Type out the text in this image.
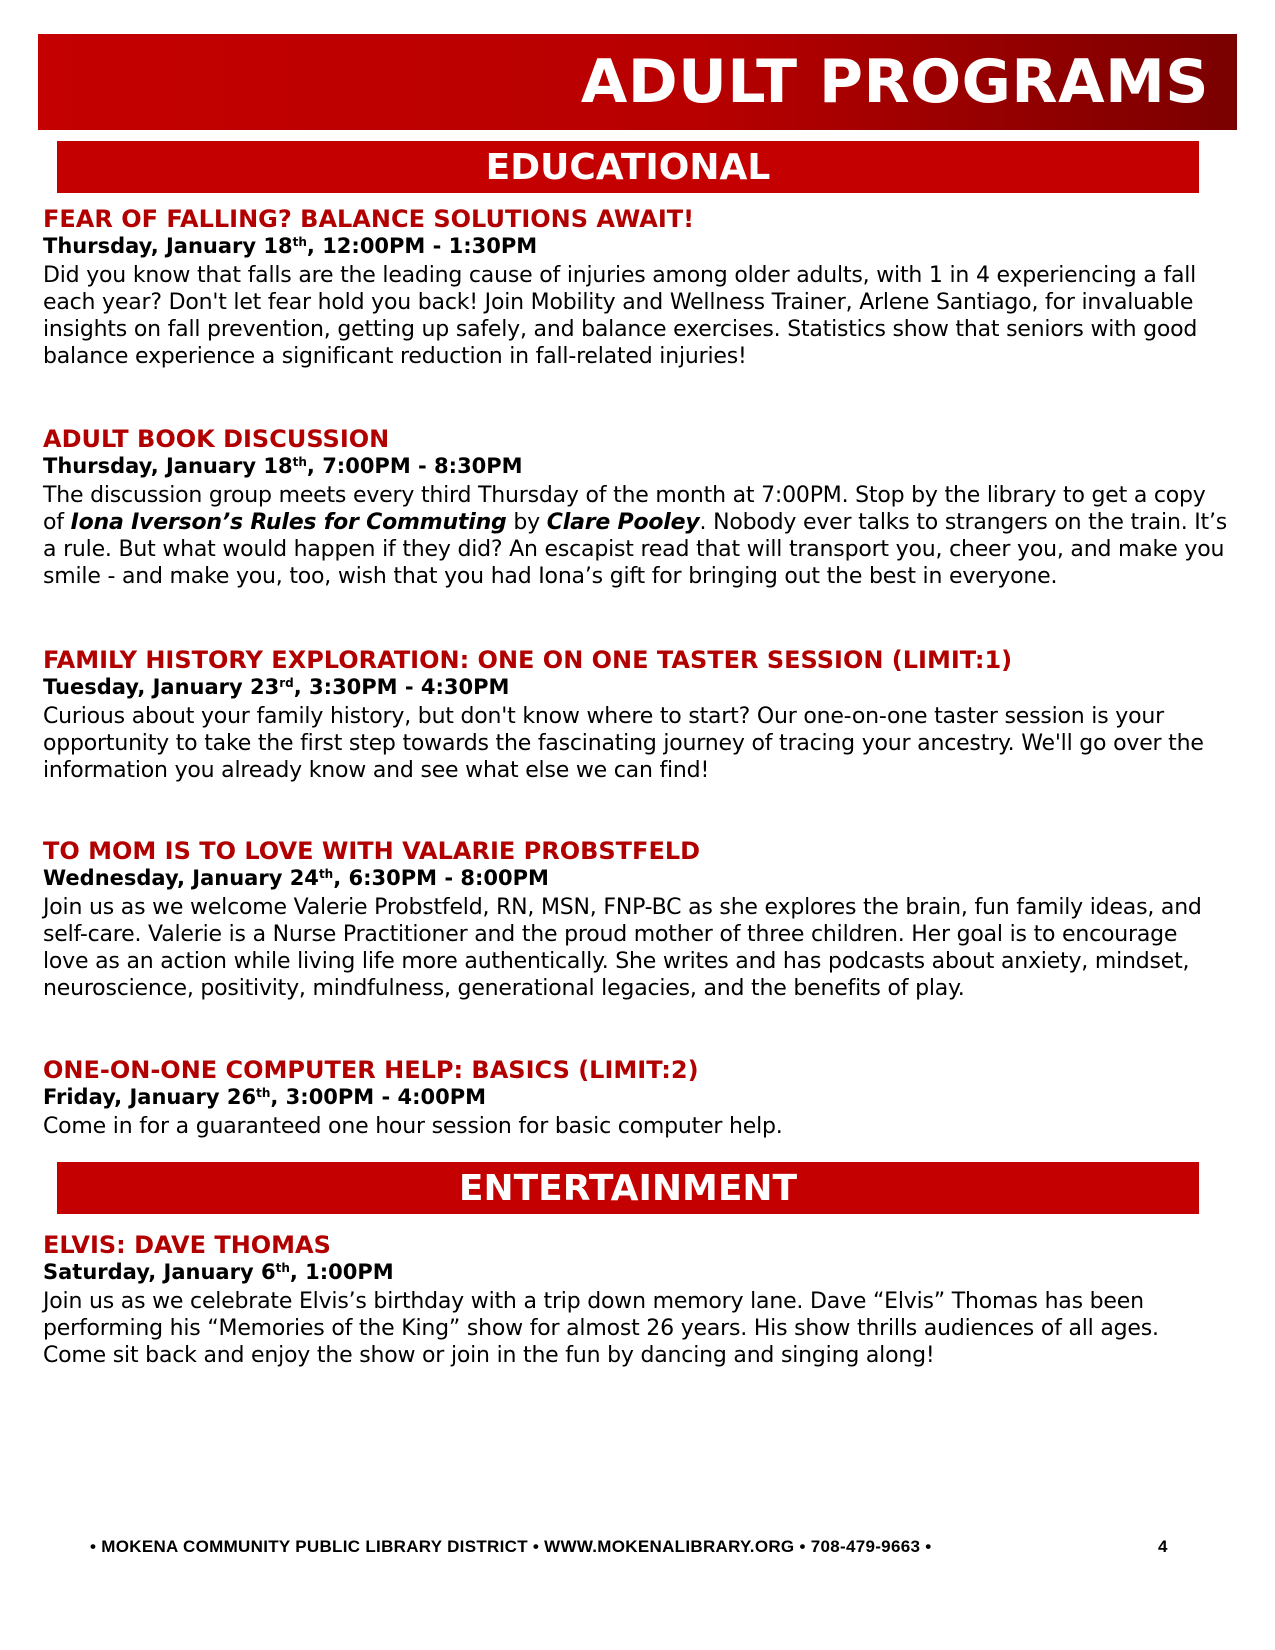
ADULT PROGRAMS
EDUCATIONAL
FEAR OF FALLING? BALANCE SOLUTIONS AWAIT!
Thursday, January 18th, 12:00PM - 1:30PM
Did you know that falls are the leading cause of injuries among older adults, with 1 in 4 experiencing a fall each year? Don't let fear hold you back! Join Mobility and Wellness Trainer, Arlene Santiago, for invaluable insights on fall prevention, getting up safely, and balance exercises. Statistics show that seniors with good balance experience a significant reduction in fall-related injuries!
ADULT BOOK DISCUSSION
Thursday, January 18th, 7:00PM - 8:30PM
The discussion group meets every third Thursday of the month at 7:00PM. Stop by the library to get a copy of Iona Iverson’s Rules for Commuting by Clare Pooley. Nobody ever talks to strangers on the train. It’s a rule. But what would happen if they did? An escapist read that will transport you, cheer you, and make you smile - and make you, too, wish that you had Iona’s gift for bringing out the best in everyone.
FAMILY HISTORY EXPLORATION: ONE ON ONE TASTER SESSION (LIMIT:1)
Tuesday, January 23rd, 3:30PM - 4:30PM
Curious about your family history, but don't know where to start? Our one-on-one taster session is your opportunity to take the first step towards the fascinating journey of tracing your ancestry. We'll go over the information you already know and see what else we can find!
TO MOM IS TO LOVE WITH VALARIE PROBSTFELD
Wednesday, January 24th, 6:30PM - 8:00PM
Join us as we welcome Valerie Probstfeld, RN, MSN, FNP-BC as she explores the brain, fun family ideas, and self-care. Valerie is a Nurse Practitioner and the proud mother of three children. Her goal is to encourage love as an action while living life more authentically. She writes and has podcasts about anxiety, mindset, neuroscience, positivity, mindfulness, generational legacies, and the benefits of play.
ONE-ON-ONE COMPUTER HELP: BASICS (LIMIT:2)
Friday, January 26th, 3:00PM - 4:00PM
Come in for a guaranteed one hour session for basic computer help.
ENTERTAINMENT
ELVIS: DAVE THOMAS
Saturday, January 6th, 1:00PM
Join us as we celebrate Elvis’s birthday with a trip down memory lane. Dave “Elvis” Thomas has been performing his “Memories of the King” show for almost 26 years. His show thrills audiences of all ages. Come sit back and enjoy the show or join in the fun by dancing and singing along!
• MOKENA COMMUNITY PUBLIC LIBRARY DISTRICT • WWW.MOKENALIBRARY.ORG • 708-479-9663 •	4
